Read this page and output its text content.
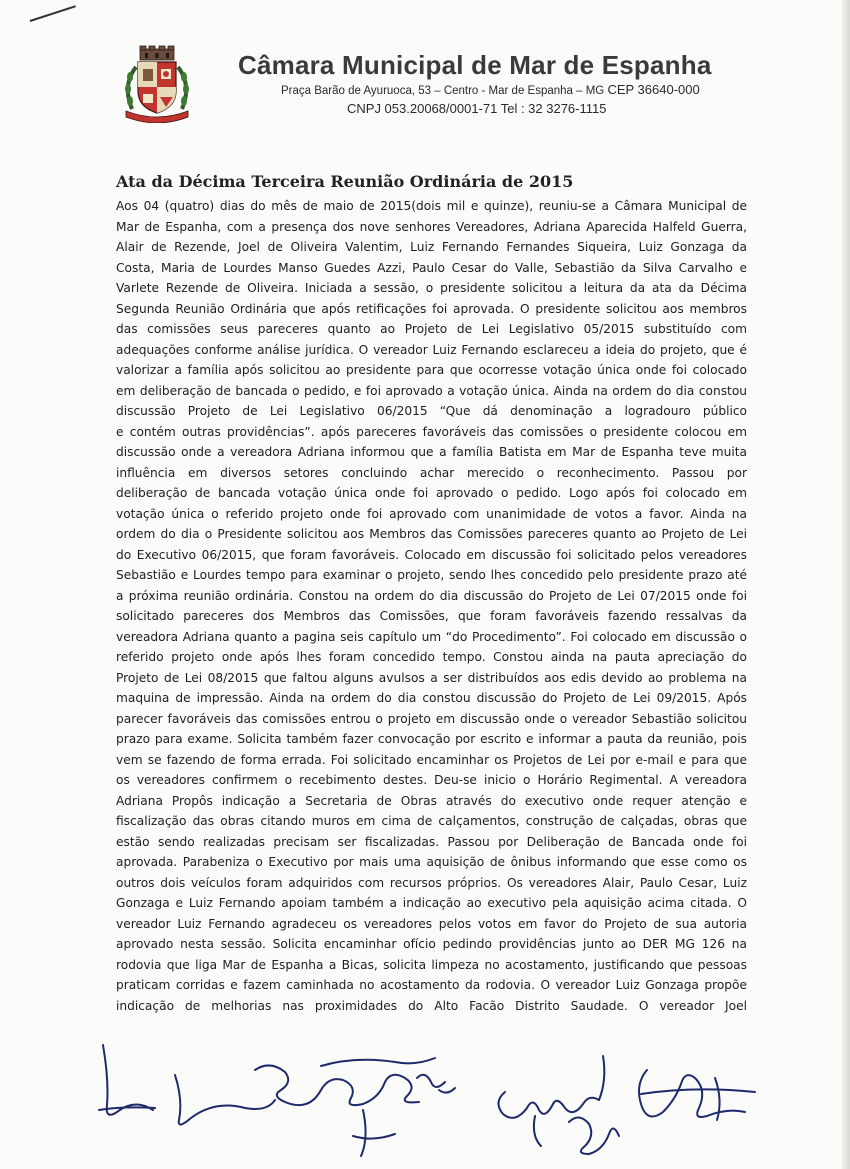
Câmara Municipal de Mar de Espanha
Praça Barão de Ayuruoca, 53 – Centro - Mar de Espanha – MG CEP 36640-000
CNPJ 053.20068/0001-71 Tel : 32 3276-1115
Ata da Décima Terceira Reunião Ordinária de 2015
Aos 04 (quatro) dias do mês de maio de 2015(dois mil e quinze), reuniu-se a Câmara Municipal de
Mar de Espanha, com a presença dos nove senhores Vereadores, Adriana Aparecida Halfeld Guerra,
Alair de Rezende, Joel de Oliveira Valentim, Luiz Fernando Fernandes Siqueira, Luiz Gonzaga da
Costa, Maria de Lourdes Manso Guedes Azzi, Paulo Cesar do Valle, Sebastião da Silva Carvalho e
Varlete Rezende de Oliveira. Iniciada a sessão, o presidente solicitou a leitura da ata da Décima
Segunda Reunião Ordinária que após retificações foi aprovada. O presidente solicitou aos membros
das comissões seus pareceres quanto ao Projeto de Lei Legislativo 05/2015 substituído com
adequações conforme análise jurídica. O vereador Luiz Fernando esclareceu a ideia do projeto, que é
valorizar a família após solicitou ao presidente para que ocorresse votação única onde foi colocado
em deliberação de bancada o pedido, e foi aprovado a votação única. Ainda na ordem do dia constou
discussão Projeto de Lei Legislativo 06/2015 “Que dá denominação a logradouro público
e contém outras providências”. após pareceres favoráveis das comissões o presidente colocou em
discussão onde a vereadora Adriana informou que a família Batista em Mar de Espanha teve muita
influência em diversos setores concluindo achar merecido o reconhecimento. Passou por
deliberação de bancada votação única onde foi aprovado o pedido. Logo após foi colocado em
votação única o referido projeto onde foi aprovado com unanimidade de votos a favor. Ainda na
ordem do dia o Presidente solicitou aos Membros das Comissões pareceres quanto ao Projeto de Lei
do Executivo 06/2015, que foram favoráveis. Colocado em discussão foi solicitado pelos vereadores
Sebastião e Lourdes tempo para examinar o projeto, sendo lhes concedido pelo presidente prazo até
a próxima reunião ordinária. Constou na ordem do dia discussão do Projeto de Lei 07/2015 onde foi
solicitado pareceres dos Membros das Comissões, que foram favoráveis fazendo ressalvas da
vereadora Adriana quanto a pagina seis capítulo um “do Procedimento”. Foi colocado em discussão o
referido projeto onde após lhes foram concedido tempo. Constou ainda na pauta apreciação do
Projeto de Lei 08/2015 que faltou alguns avulsos a ser distribuídos aos edis devido ao problema na
maquina de impressão. Ainda na ordem do dia constou discussão do Projeto de Lei 09/2015. Após
parecer favoráveis das comissões entrou o projeto em discussão onde o vereador Sebastião solicitou
prazo para exame. Solicita também fazer convocação por escrito e informar a pauta da reunião, pois
vem se fazendo de forma errada. Foi solicitado encaminhar os Projetos de Lei por e-mail e para que
os vereadores confirmem o recebimento destes. Deu-se inicio o Horário Regimental. A vereadora
Adriana Propôs indicação a Secretaria de Obras através do executivo onde requer atenção e
fiscalização das obras citando muros em cima de calçamentos, construção de calçadas, obras que
estão sendo realizadas precisam ser fiscalizadas. Passou por Deliberação de Bancada onde foi
aprovada. Parabeniza o Executivo por mais uma aquisição de ônibus informando que esse como os
outros dois veículos foram adquiridos com recursos próprios. Os vereadores Alair, Paulo Cesar, Luiz
Gonzaga e Luiz Fernando apoiam também a indicação ao executivo pela aquisição acima citada. O
vereador Luiz Fernando agradeceu os vereadores pelos votos em favor do Projeto de sua autoria
aprovado nesta sessão. Solicita encaminhar ofício pedindo providências junto ao DER MG 126 na
rodovia que liga Mar de Espanha a Bicas, solicita limpeza no acostamento, justificando que pessoas
praticam corridas e fazem caminhada no acostamento da rodovia. O vereador Luiz Gonzaga propõe
indicação de melhorias nas proximidades do Alto Facão Distrito Saudade. O vereador Joel
